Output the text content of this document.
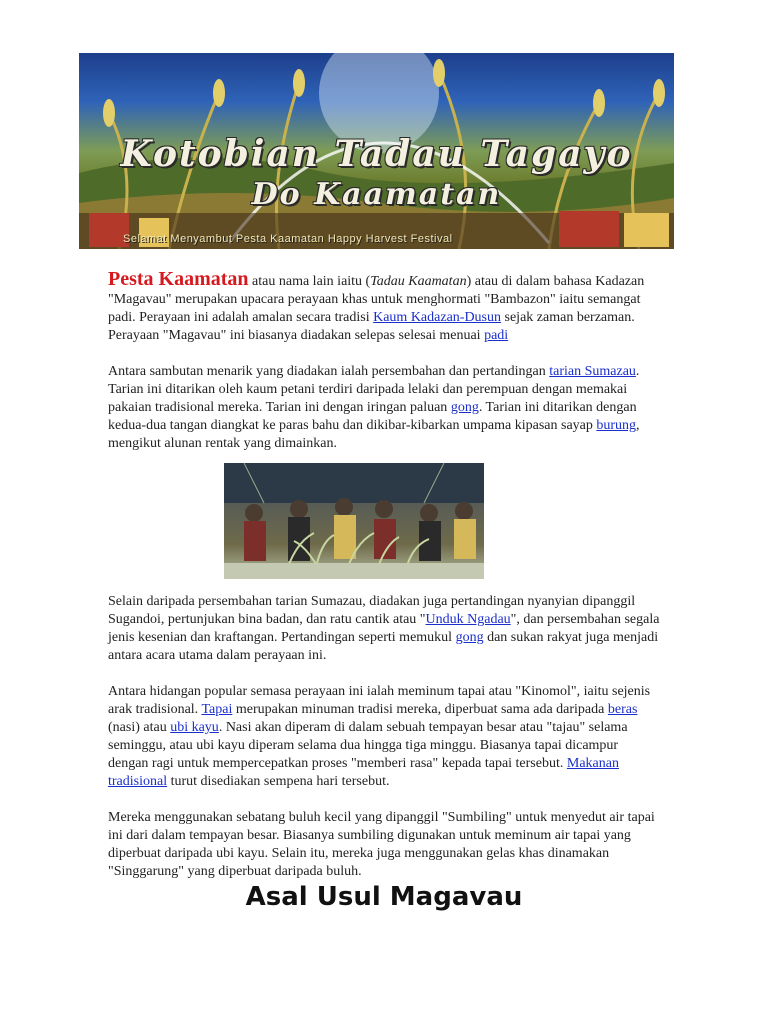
Kotobian Tadau Tagayo
Do Kaamatan
Selamat Menyambut Pesta Kaamatan Happy Harvest Festival

Pesta Kaamatan atau nama lain iaitu (Tadau Kaamatan) atau di dalam bahasa Kadazan "Magavau" merupakan upacara perayaan khas untuk menghormati "Bambazon" iaitu semangat padi. Perayaan ini adalah amalan secara tradisi Kaum Kadazan-Dusun sejak zaman berzaman. Perayaan "Magavau" ini biasanya diadakan selepas selesai menuai padi

Antara sambutan menarik yang diadakan ialah persembahan dan pertandingan tarian Sumazau. Tarian ini ditarikan oleh kaum petani terdiri daripada lelaki dan perempuan dengan memakai pakaian tradisional mereka. Tarian ini dengan iringan paluan gong. Tarian ini ditarikan dengan kedua-dua tangan diangkat ke paras bahu dan dikibar-kibarkan umpama kipasan sayap burung, mengikut alunan rentak yang dimainkan.

Selain daripada persembahan tarian Sumazau, diadakan juga pertandingan nyanyian dipanggil Sugandoi, pertunjukan bina badan, dan ratu cantik atau "Unduk Ngadau", dan persembahan segala jenis kesenian dan kraftangan. Pertandingan seperti memukul gong dan sukan rakyat juga menjadi antara acara utama dalam perayaan ini.

Antara hidangan popular semasa perayaan ini ialah meminum tapai atau "Kinomol", iaitu sejenis arak tradisional. Tapai merupakan minuman tradisi mereka, diperbuat sama ada daripada beras (nasi) atau ubi kayu. Nasi akan diperam di dalam sebuah tempayan besar atau "tajau" selama seminggu, atau ubi kayu diperam selama dua hingga tiga minggu. Biasanya tapai dicampur dengan ragi untuk mempercepatkan proses "memberi rasa" kepada tapai tersebut. Makanan tradisional turut disediakan sempena hari tersebut.

Mereka menggunakan sebatang buluh kecil yang dipanggil "Sumbiling" untuk menyedut air tapai ini dari dalam tempayan besar. Biasanya sumbiling digunakan untuk meminum air tapai yang diperbuat daripada ubi kayu. Selain itu, mereka juga menggunakan gelas khas dinamakan "Singgarung" yang diperbuat daripada buluh.

Asal Usul Magavau
